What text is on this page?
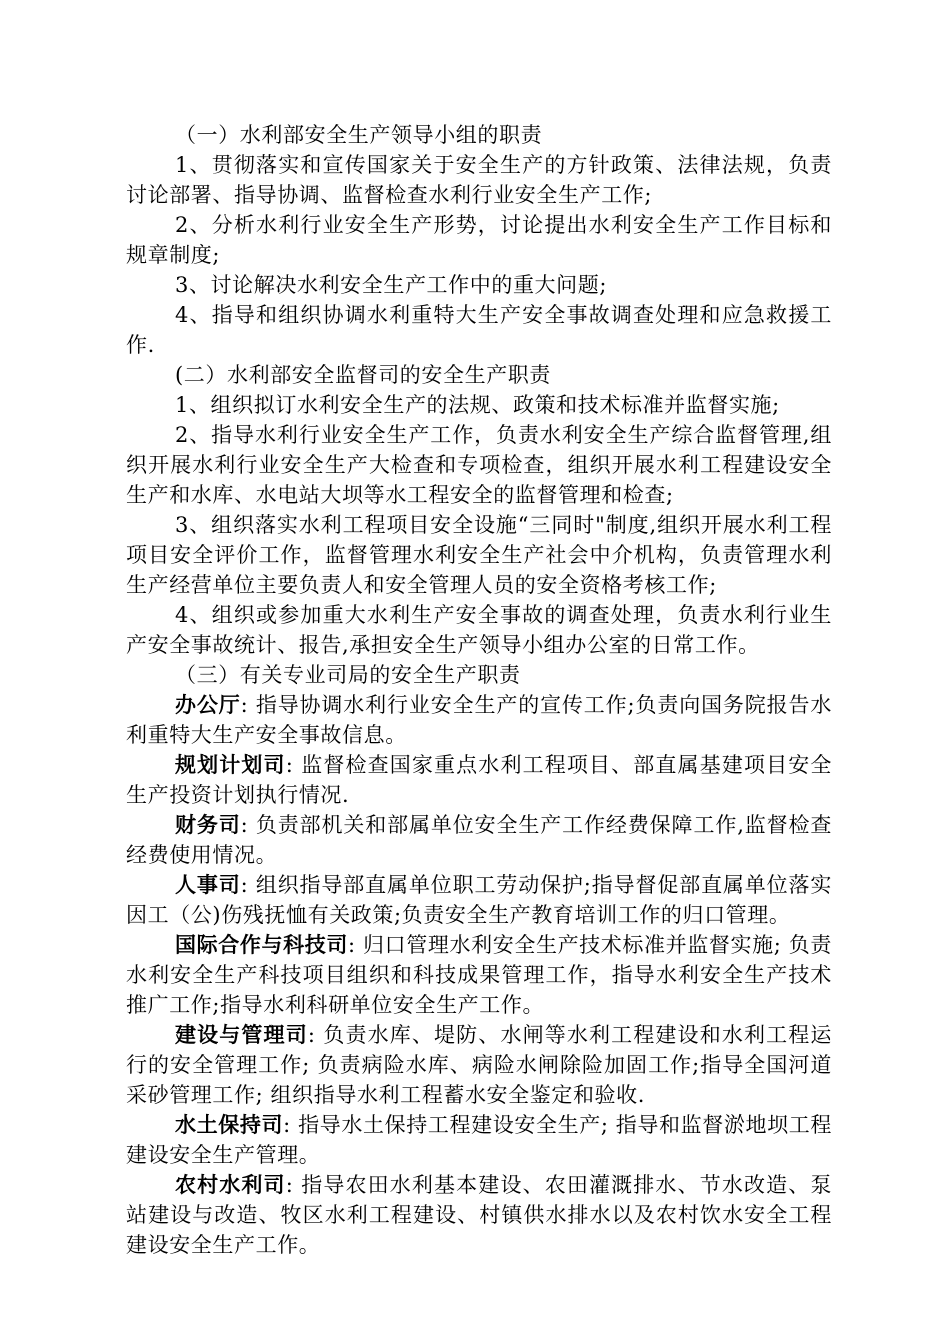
（一）水利部安全生产领导小组的职责

1、贯彻落实和宣传国家关于安全生产的方针政策、法律法规，负责讨论部署、指导协调、监督检查水利行业安全生产工作;

2、分析水利行业安全生产形势，讨论提出水利安全生产工作目标和规章制度;

3、讨论解决水利安全生产工作中的重大问题;

4、指导和组织协调水利重特大生产安全事故调查处理和应急救援工作.

(二）水利部安全监督司的安全生产职责

1、组织拟订水利安全生产的法规、政策和技术标准并监督实施;

2、指导水利行业安全生产工作，负责水利安全生产综合监督管理,组织开展水利行业安全生产大检查和专项检查，组织开展水利工程建设安全生产和水库、水电站大坝等水工程安全的监督管理和检查;

3、组织落实水利工程项目安全设施“三同时"制度,组织开展水利工程项目安全评价工作，监督管理水利安全生产社会中介机构，负责管理水利生产经营单位主要负责人和安全管理人员的安全资格考核工作;

4、组织或参加重大水利生产安全事故的调查处理，负责水利行业生产安全事故统计、报告,承担安全生产领导小组办公室的日常工作。

（三）有关专业司局的安全生产职责

办公厅: 指导协调水利行业安全生产的宣传工作;负责向国务院报告水利重特大生产安全事故信息。

规划计划司: 监督检查国家重点水利工程项目、部直属基建项目安全生产投资计划执行情况.

财务司: 负责部机关和部属单位安全生产工作经费保障工作,监督检查经费使用情况。

人事司: 组织指导部直属单位职工劳动保护;指导督促部直属单位落实因工（公)伤残抚恤有关政策;负责安全生产教育培训工作的归口管理。

国际合作与科技司: 归口管理水利安全生产技术标准并监督实施; 负责水利安全生产科技项目组织和科技成果管理工作，指导水利安全生产技术推广工作;指导水利科研单位安全生产工作。

建设与管理司: 负责水库、堤防、水闸等水利工程建设和水利工程运行的安全管理工作; 负责病险水库、病险水闸除险加固工作;指导全国河道采砂管理工作; 组织指导水利工程蓄水安全鉴定和验收.

水土保持司: 指导水土保持工程建设安全生产; 指导和监督淤地坝工程建设安全生产管理。

农村水利司: 指导农田水利基本建设、农田灌溉排水、节水改造、泵站建设与改造、牧区水利工程建设、村镇供水排水以及农村饮水安全工程建设安全生产工作。
